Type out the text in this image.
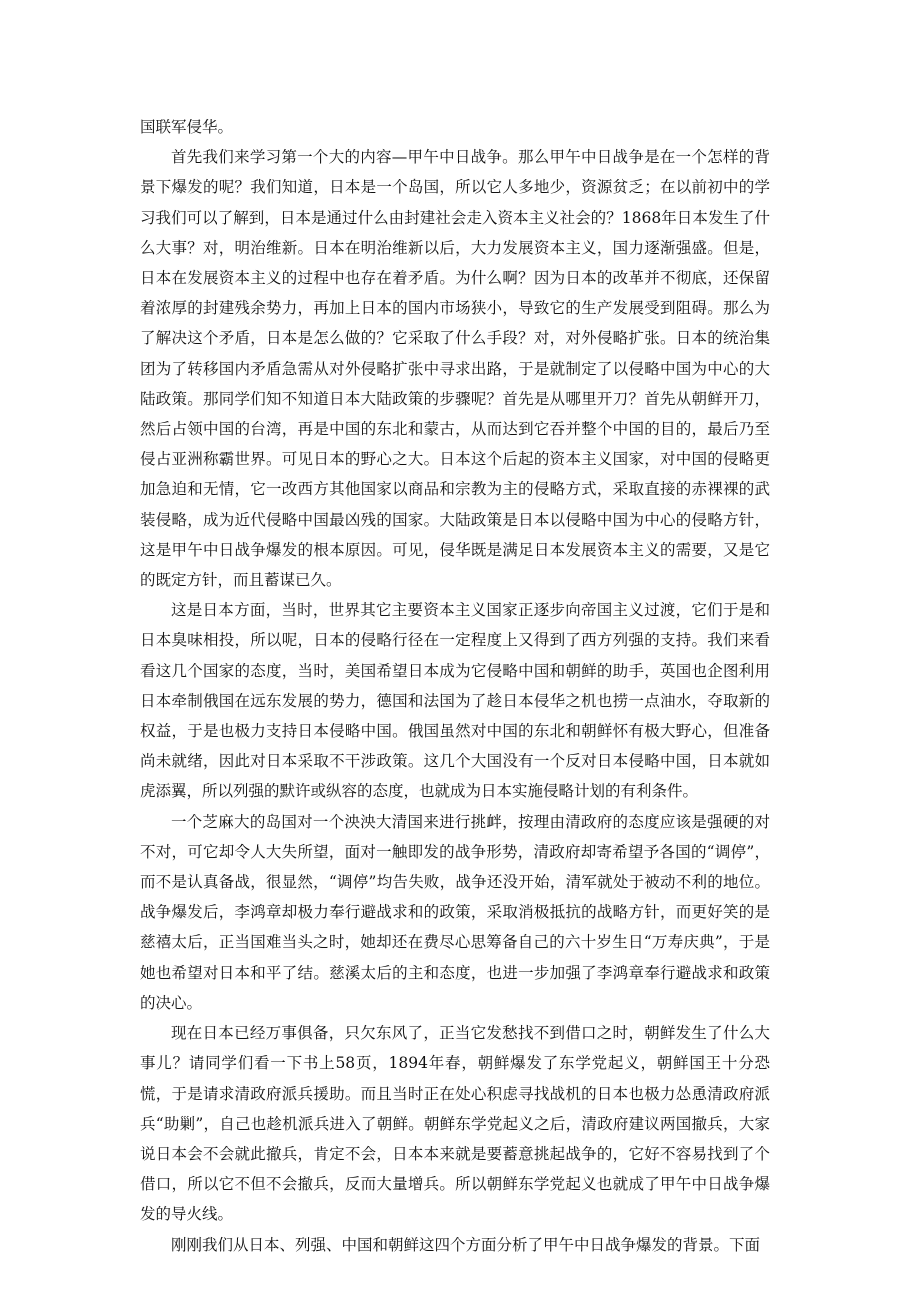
国联军侵华。

首先我们来学习第一个大的内容—甲午中日战争。那么甲午中日战争是在一个怎样的背景下爆发的呢？我们知道，日本是一个岛国，所以它人多地少，资源贫乏；在以前初中的学习我们可以了解到，日本是通过什么由封建社会走入资本主义社会的？1868年日本发生了什么大事？对，明治维新。日本在明治维新以后，大力发展资本主义，国力逐渐强盛。但是，日本在发展资本主义的过程中也存在着矛盾。为什么啊？因为日本的改革并不彻底，还保留着浓厚的封建残余势力，再加上日本的国内市场狭小，导致它的生产发展受到阻碍。那么为了解决这个矛盾，日本是怎么做的？它采取了什么手段？对，对外侵略扩张。日本的统治集团为了转移国内矛盾急需从对外侵略扩张中寻求出路，于是就制定了以侵略中国为中心的大陆政策。那同学们知不知道日本大陆政策的步骤呢？首先是从哪里开刀？首先从朝鲜开刀，然后占领中国的台湾，再是中国的东北和蒙古，从而达到它吞并整个中国的目的，最后乃至侵占亚洲称霸世界。可见日本的野心之大。日本这个后起的资本主义国家，对中国的侵略更加急迫和无情，它一改西方其他国家以商品和宗教为主的侵略方式，采取直接的赤裸裸的武装侵略，成为近代侵略中国最凶残的国家。大陆政策是日本以侵略中国为中心的侵略方针，这是甲午中日战争爆发的根本原因。可见，侵华既是满足日本发展资本主义的需要，又是它的既定方针，而且蓄谋已久。

这是日本方面，当时，世界其它主要资本主义国家正逐步向帝国主义过渡，它们于是和日本臭味相投，所以呢，日本的侵略行径在一定程度上又得到了西方列强的支持。我们来看看这几个国家的态度，当时，美国希望日本成为它侵略中国和朝鲜的助手，英国也企图利用日本牵制俄国在远东发展的势力，德国和法国为了趁日本侵华之机也捞一点油水，夺取新的权益，于是也极力支持日本侵略中国。俄国虽然对中国的东北和朝鲜怀有极大野心，但准备尚未就绪，因此对日本采取不干涉政策。这几个大国没有一个反对日本侵略中国，日本就如虎添翼，所以列强的默许或纵容的态度，也就成为日本实施侵略计划的有利条件。

一个芝麻大的岛国对一个泱泱大清国来进行挑衅，按理由清政府的态度应该是强硬的对不对，可它却令人大失所望，面对一触即发的战争形势，清政府却寄希望予各国的“调停”，而不是认真备战，很显然，“调停”均告失败，战争还没开始，清军就处于被动不利的地位。战争爆发后，李鸿章却极力奉行避战求和的政策，采取消极抵抗的战略方针，而更好笑的是慈禧太后，正当国难当头之时，她却还在费尽心思筹备自己的六十岁生日“万寿庆典”，于是她也希望对日本和平了结。慈溪太后的主和态度，也进一步加强了李鸿章奉行避战求和政策的决心。

现在日本已经万事俱备，只欠东风了，正当它发愁找不到借口之时，朝鲜发生了什么大事儿？请同学们看一下书上58页，1894年春，朝鲜爆发了东学党起义，朝鲜国王十分恐慌，于是请求清政府派兵援助。而且当时正在处心积虑寻找战机的日本也极力怂恿清政府派兵“助剿”，自己也趁机派兵进入了朝鲜。朝鲜东学党起义之后，清政府建议两国撤兵，大家说日本会不会就此撤兵，肯定不会，日本本来就是要蓄意挑起战争的，它好不容易找到了个借口，所以它不但不会撤兵，反而大量增兵。所以朝鲜东学党起义也就成了甲午中日战争爆发的导火线。

刚刚我们从日本、列强、中国和朝鲜这四个方面分析了甲午中日战争爆发的背景。下面
